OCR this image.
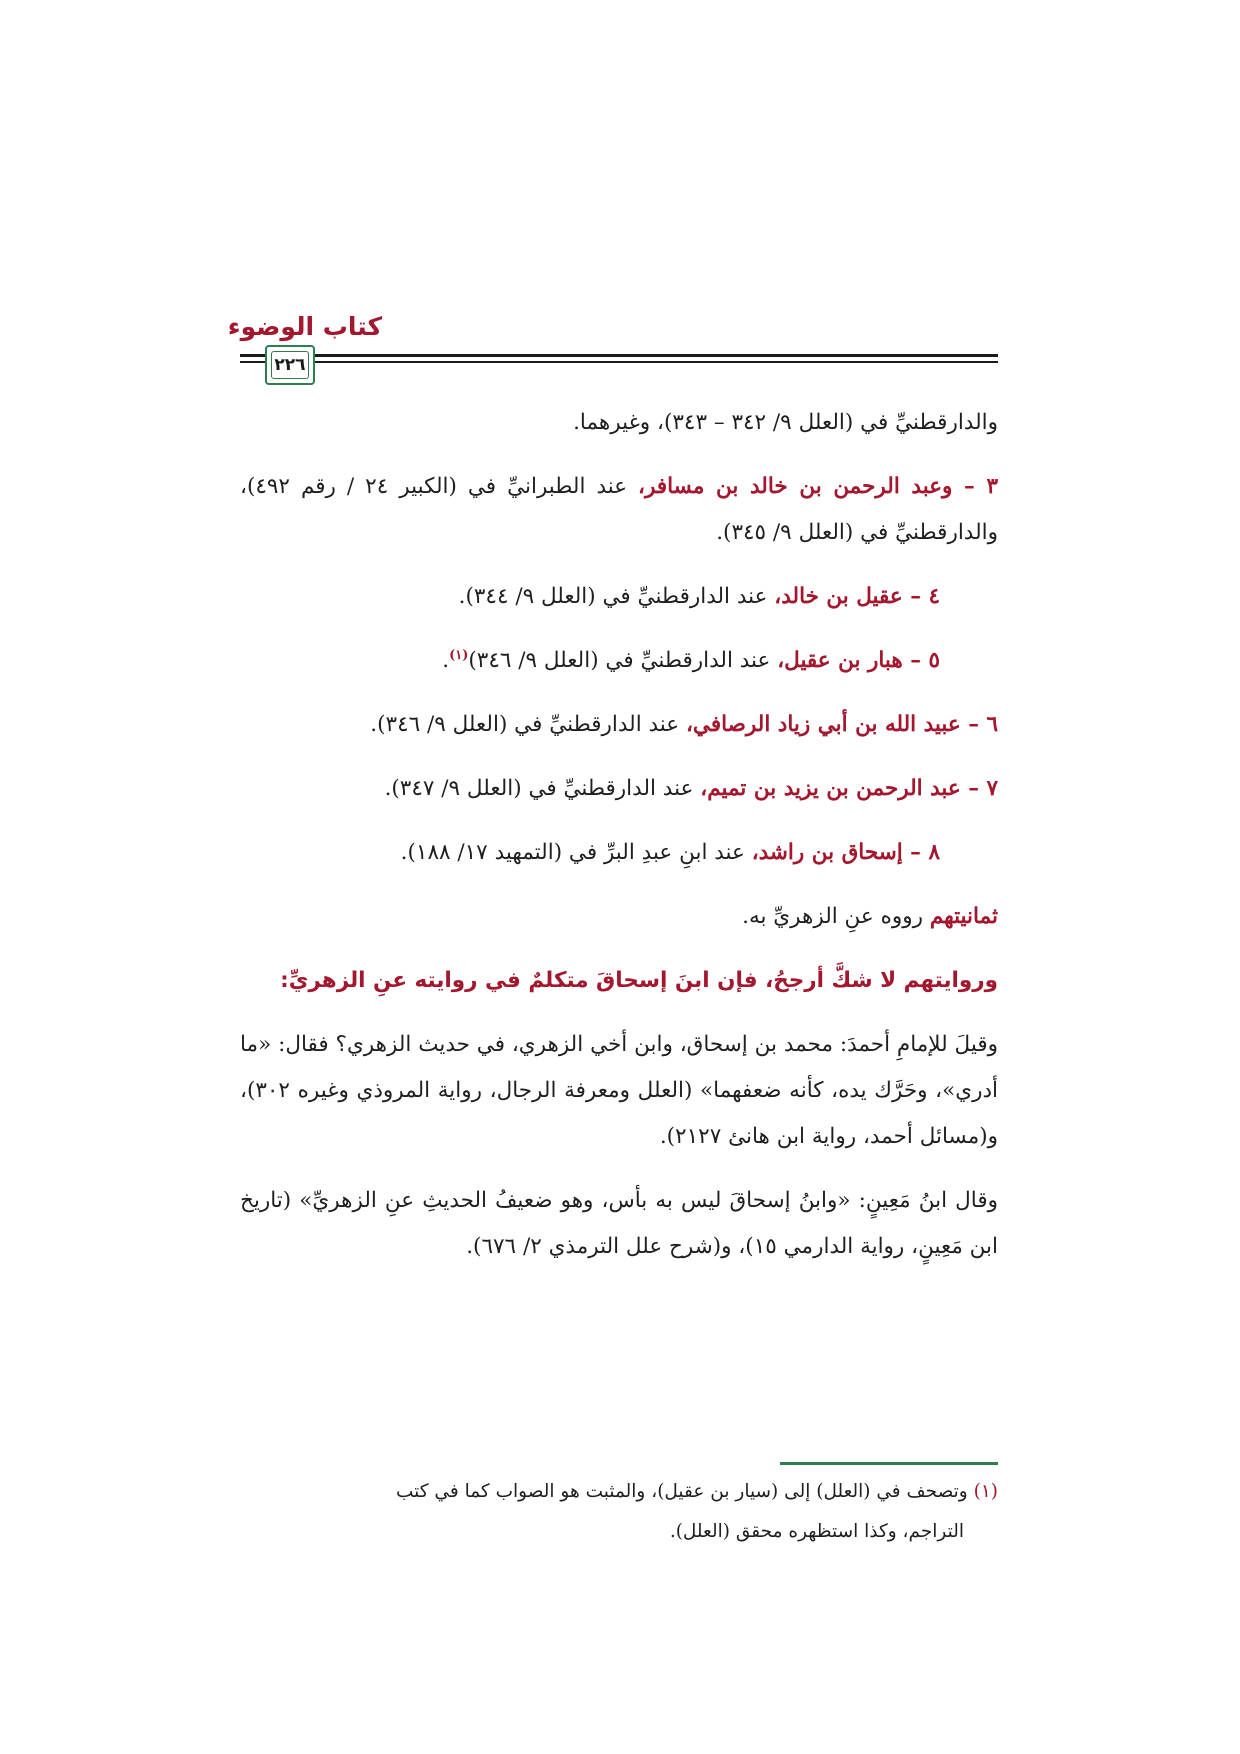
كتاب الوضوء
٢٢٦

والدارقطنيِّ في (العلل ٩/ ٣٤٢ – ٣٤٣)، وغيرهما.

٣ – وعبد الرحمن بن خالد بن مسافر، عند الطبرانيِّ في (الكبير ٢٤ / رقم ٤٩٢)، والدارقطنيِّ في (العلل ٩/ ٣٤٥).

٤ – عقيل بن خالد، عند الدارقطنيِّ في (العلل ٩/ ٣٤٤).

٥ – هبار بن عقيل، عند الدارقطنيِّ في (العلل ٩/ ٣٤٦)$^{(١)}$.

٦ – عبيد الله بن أبي زياد الرصافي، عند الدارقطنيِّ في (العلل ٩/ ٣٤٦).

٧ – عبد الرحمن بن يزيد بن تميم، عند الدارقطنيِّ في (العلل ٩/ ٣٤٧).

٨ – إسحاق بن راشد، عند ابنِ عبدِ البرِّ في (التمهيد ١٧/ ١٨٨).

ثمانيتهم رووه عنِ الزهريِّ به.

وروايتهم لا شكَّ أرجحُ، فإن ابنَ إسحاقَ متكلمٌ في روايته عنِ الزهريِّ:

وقيلَ للإمامِ أحمدَ: محمد بن إسحاق، وابن أخي الزهري، في حديث الزهري؟ فقال: «ما أدري»، وحَرَّك يده، كأنه ضعفهما» (العلل ومعرفة الرجال، رواية المروذي وغيره ٣٠٢)، و(مسائل أحمد، رواية ابن هانئ ٢١٢٧).

وقال ابنُ مَعِينٍ: «وابنُ إسحاقَ ليس به بأس، وهو ضعيفُ الحديثِ عنِ الزهريِّ» (تاريخ ابن مَعِينٍ، رواية الدارمي ١٥)، و(شرح علل الترمذي ٢/ ٦٧٦).

(١) وتصحف في (العلل) إلى (سيار بن عقيل)، والمثبت هو الصواب كما في كتب
التراجم، وكذا استظهره محقق (العلل).
